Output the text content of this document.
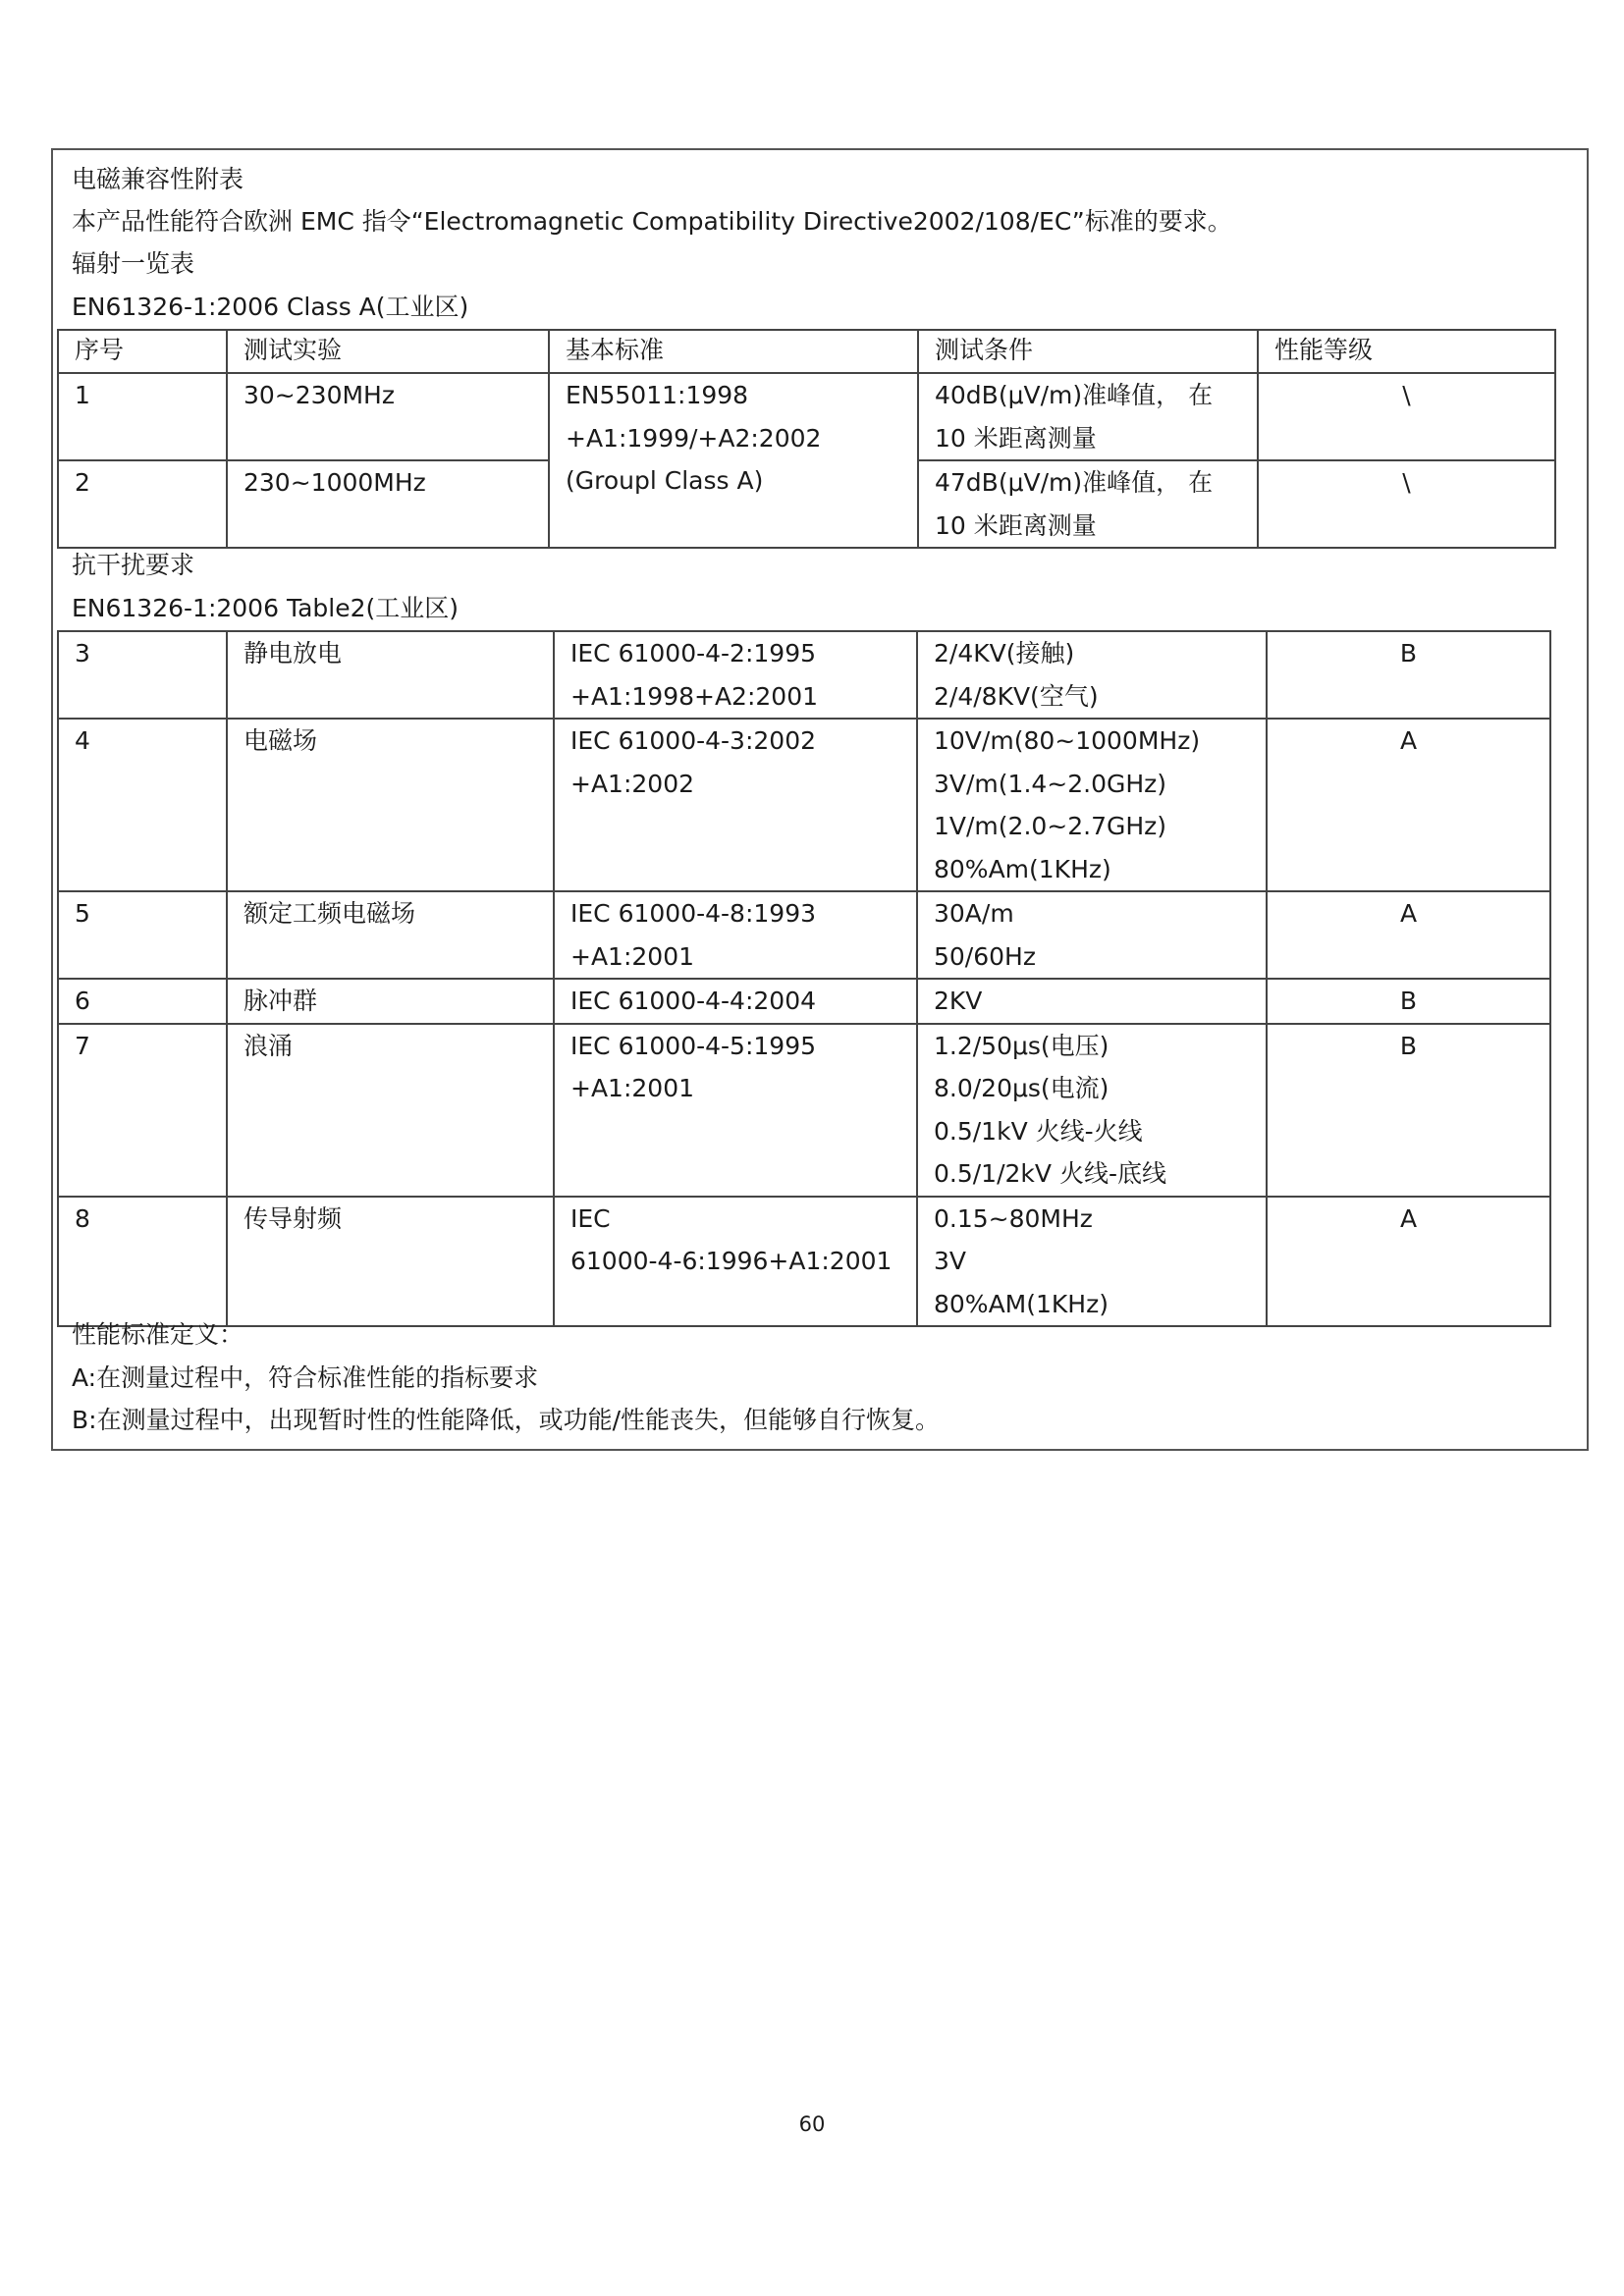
电磁兼容性附表
本产品性能符合欧洲 EMC 指令“Electromagnetic Compatibility Directive2002/108/EC”标准的要求。
辐射一览表
EN61326-1:2006 Class A(工业区)
序号	测试实验	基本标准	测试条件	性能等级

1	30~230MHz	EN55011:1998
+A1:1999/+A2:2002
(Groupl Class A)	40dB(μV/m)准峰值， 在
10 米距离测量	\

2	230~1000MHz		47dB(μV/m)准峰值， 在
10 米距离测量	\
抗干扰要求
EN61326-1:2006 Table2(工业区)
3	静电放电	IEC 61000-4-2:1995
+A1:1998+A2:2001	2/4KV(接触)
2/4/8KV(空气)	B

4	电磁场	IEC 61000-4-3:2002
+A1:2002	10V/m(80~1000MHz)
3V/m(1.4~2.0GHz)
1V/m(2.0~2.7GHz)
80%Am(1KHz)	A

5	额定工频电磁场	IEC 61000-4-8:1993
+A1:2001	30A/m
50/60Hz	A

6	脉冲群	IEC 61000-4-4:2004	2KV	B

7	浪涌	IEC 61000-4-5:1995
+A1:2001	1.2/50μs(电压)
8.0/20μs(电流)
0.5/1kV 火线-火线
0.5/1/2kV 火线-底线	B

8	传导射频	IEC
61000-4-6:1996+A1:2001	0.15~80MHz
3V
80%AM(1KHz)	A
性能标准定义：
A:在测量过程中，符合标准性能的指标要求
B:在测量过程中，出现暂时性的性能降低，或功能/性能丧失，但能够自行恢复。
60
